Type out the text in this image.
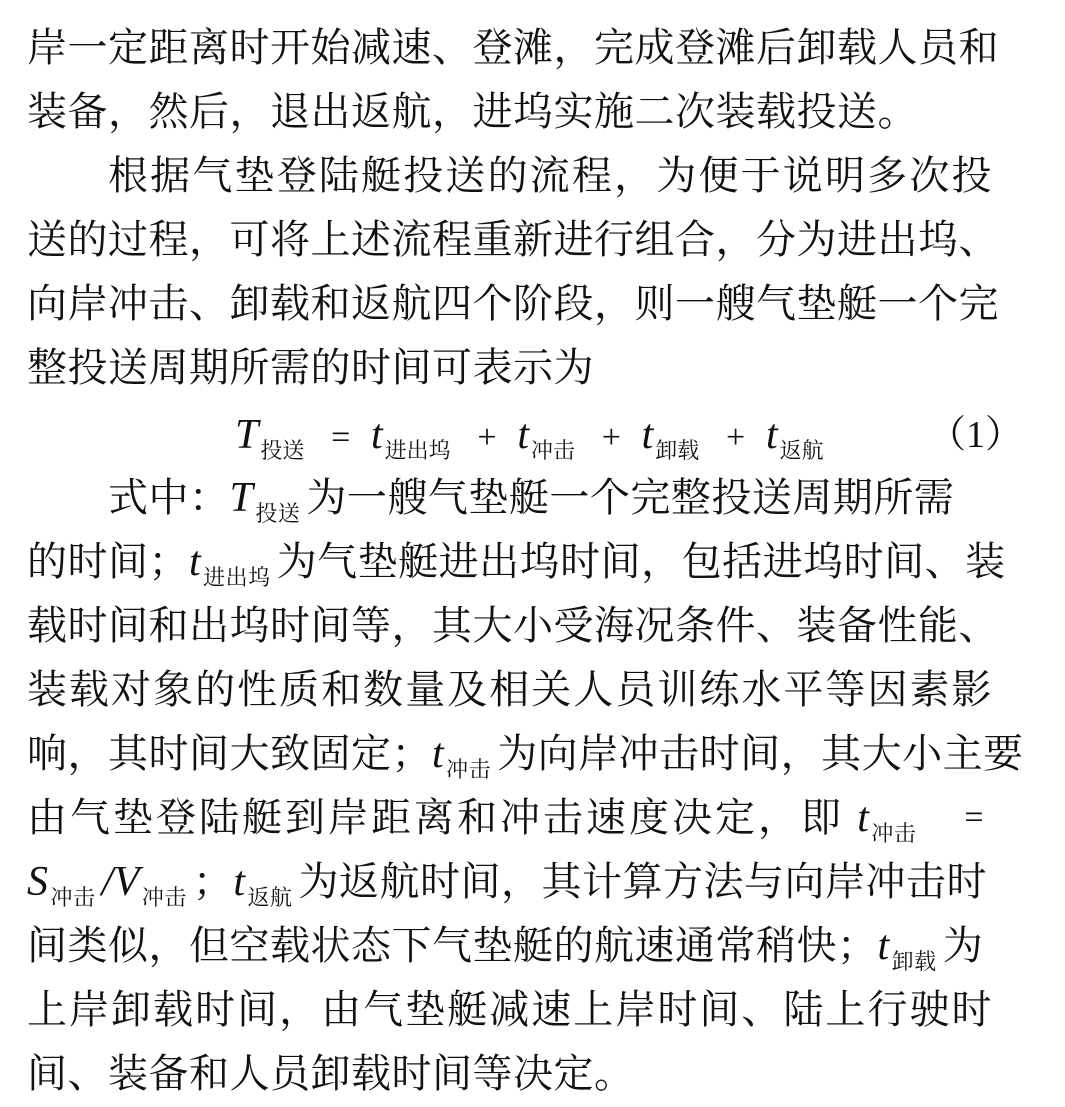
岸一定距离时开始减速、登滩，完成登滩后卸载人员和
装备，然后，退出返航，进坞实施二次装载投送。
根据气垫登陆艇投送的流程，为便于说明多次投
送的过程，可将上述流程重新进行组合，分为进出坞、
向岸冲击、卸载和返航四个阶段，则一艘气垫艇一个完
整投送周期所需的时间可表示为
$T_{投送} = t_{进出坞} + t_{冲击} + t_{卸载} + t_{返航}$	（1）
式中：$T_{投送}$ 为一艘气垫艇一个完整投送周期所需
的时间；$t_{进出坞}$ 为气垫艇进出坞时间，包括进坞时间、装
载时间和出坞时间等，其大小受海况条件、装备性能、
装载对象的性质和数量及相关人员训练水平等因素影
响，其时间大致固定；$t_{冲击}$ 为向岸冲击时间，其大小主要
由气垫登陆艇到岸距离和冲击速度决定，即 $t_{冲击}$ =
$S_{冲击}$ $/V_{冲击}$ ；$t_{返航}$ 为返航时间，其计算方法与向岸冲击时
间类似，但空载状态下气垫艇的航速通常稍快；$t_{卸载}$ 为
上岸卸载时间，由气垫艇减速上岸时间、陆上行驶时
间、装备和人员卸载时间等决定。
